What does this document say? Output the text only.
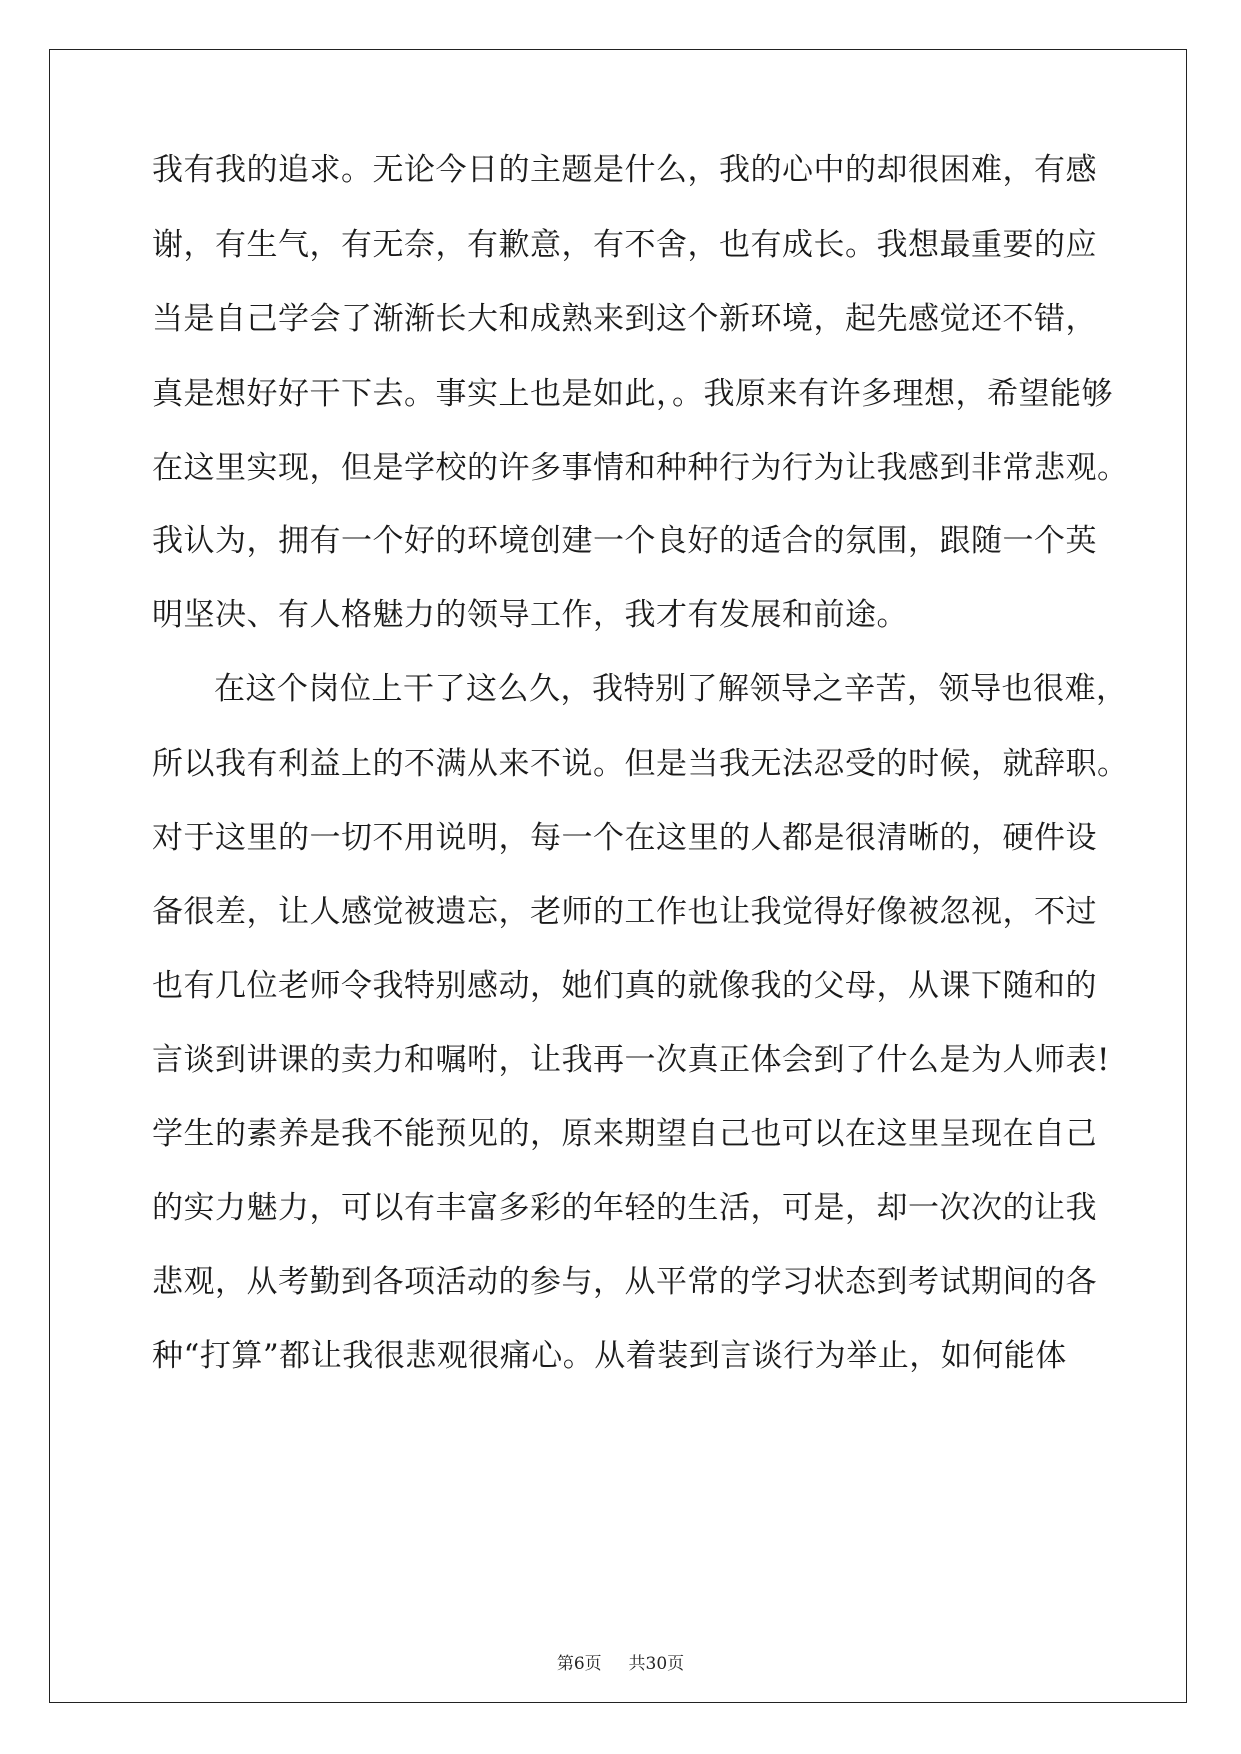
我有我的追求。无论今日的主题是什么，我的心中的却很困难，有感
谢，有生气，有无奈，有歉意，有不舍，也有成长。我想最重要的应
当是自己学会了渐渐长大和成熟来到这个新环境，起先感觉还不错，
真是想好好干下去。事实上也是如此，。我原来有许多理想，希望能够
在这里实现，但是学校的许多事情和种种行为行为让我感到非常悲观。
我认为，拥有一个好的环境创建一个良好的适合的氛围，跟随一个英
明坚决、有人格魅力的领导工作，我才有发展和前途。
在这个岗位上干了这么久，我特别了解领导之辛苦，领导也很难，
所以我有利益上的不满从来不说。但是当我无法忍受的时候，就辞职。
对于这里的一切不用说明，每一个在这里的人都是很清晰的，硬件设
备很差，让人感觉被遗忘，老师的工作也让我觉得好像被忽视，不过
也有几位老师令我特别感动，她们真的就像我的父母，从课下随和的
言谈到讲课的卖力和嘱咐，让我再一次真正体会到了什么是为人师表!
学生的素养是我不能预见的，原来期望自己也可以在这里呈现在自己
的实力魅力，可以有丰富多彩的年轻的生活，可是，却一次次的让我
悲观，从考勤到各项活动的参与，从平常的学习状态到考试期间的各
种“打算”都让我很悲观很痛心。从着装到言谈行为举止，如何能体
第6页 共30页
